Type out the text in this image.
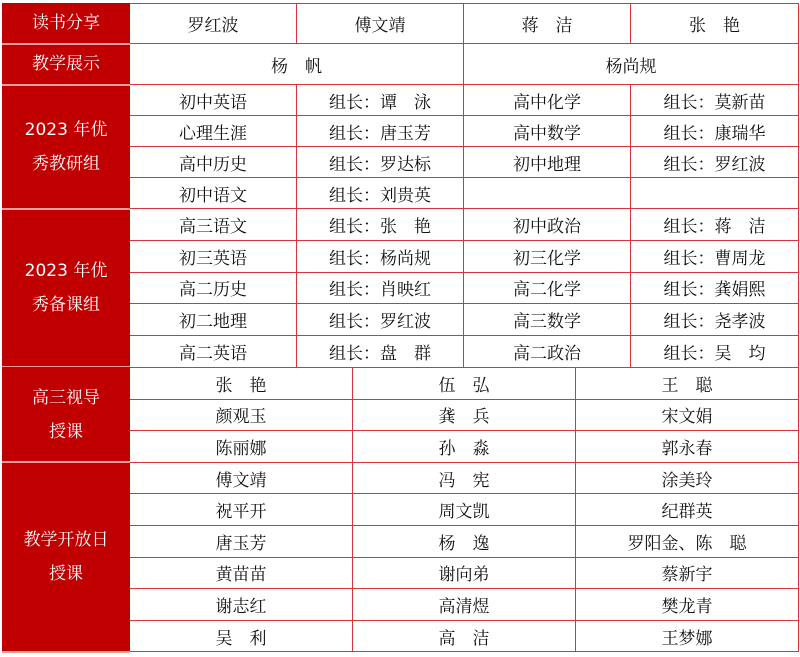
读书分享	罗红波	傅文靖	蒋　洁	张　艳
教学展示	杨　帆		杨尚规	
2023 年优
秀教研组	初中英语	组长：谭　泳	高中化学	组长：莫新苗
	心理生涯	组长：唐玉芳	高中数学	组长：康瑞华
	高中历史	组长：罗达标	初中地理	组长：罗红波
	初中语文	组长：刘贵英		
2023 年优
秀备课组	高三语文	组长：张　艳	初中政治	组长：蒋　洁
	初三英语	组长：杨尚规	初三化学	组长：曹周龙
	高二历史	组长：肖映红	高二化学	组长：龚娟熙
	初二地理	组长：罗红波	高三数学	组长：尧孝波
	高二英语	组长：盘　群	高二政治	组长：吴　均
高三视导
授课	张　艳	伍　弘	王　聪
	颜观玉	龚　兵	宋文娟
	陈丽娜	孙　淼	郭永春
教学开放日
授课	傅文靖	冯　宪	涂美玲
	祝平开	周文凯	纪群英
	唐玉芳	杨　逸	罗阳金、陈　聪
	黄苗苗	谢向弟	蔡新宇
	谢志红	高清煜	樊龙青
	吴　利	高　洁	王梦娜
